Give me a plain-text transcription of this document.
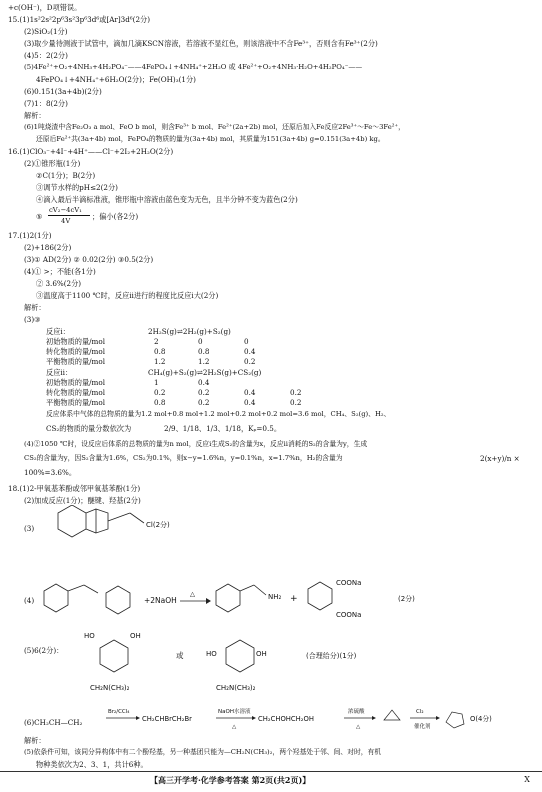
+c(OH⁻)，D项错误。
15.(1)1s²2s²2p⁶3s²3p⁶3d⁶或[Ar]3d⁶(2分)
(2)SiO₂(1分)
(3)取少量待测液于试管中，滴加几滴KSCN溶液，若溶液不显红色，则该溶液中不含Fe³⁺，否则含有Fe³⁺(2分)
(4)5：2(2分)
(5)4Fe²⁺+O₂+4NH₃+4H₂PO₄⁻——4FePO₄↓+4NH₄⁺+2H₂O 或 4Fe²⁺+O₂+4NH₃·H₂O+4H₂PO₄⁻——
4FePO₄↓+4NH₄⁺+6H₂O(2分)；Fe(OH)₃(1分)
(6)0.151(3a+4b)(2分)
(7)1：8(2分)
解析：
(6)1吨烧渣中含Fe₂O₃ a mol、FeO b mol，则含Fe³⁺ b mol、Fe²⁺(2a+2b) mol，还原后加入Fe反应2Fe³⁺～Fe～3Fe²⁺，
还原后Fe²⁺共(3a+4b) mol，FePO₄的物质的量为(3a+4b) mol，其质量为151(3a+4b) g=0.151(3a+4b) kg。
16.(1)ClO₃⁻+4I⁻+4H⁺——Cl⁻+2I₂+2H₂O(2分)
(2)①锥形瓶(1分)
②C(1分)；B(2分)
③调节水样的pH≤2(2分)
④滴入最后半滴标准液，锥形瓶中溶液由蓝色变为无色，且半分钟不变为蓝色(2分)
⑤
cV₂−4cV₁
4V	；偏小(各2分)
17.(1)2(1分)
(2)+186(2分)
(3)① AD(2分) ② 0.02(2分) ③0.5(2分)
(4)① >；不能(各1分)
② 3.6%(2分)
③温度高于1100 ℃时，反应ⅱ进行的程度比反应ⅰ大(2分)
解析：
(3)③
反应ⅰ：	2H₂S(g)⇌2H₂(g)+S₂(g)
初始物质的量/mol	2	0	0
转化物质的量/mol	0.8	0.8	0.4
平衡物质的量/mol	1.2	1.2	0.2
反应ⅱ：	CH₄(g)+S₂(g)⇌2H₂S(g)+CS₂(g)
初始物质的量/mol	1	0.4
转化物质的量/mol	0.2	0.2	0.4	0.2
平衡物质的量/mol	0.8	0.2	0.4	0.2
反应体系中气体的总物质的量为1.2 mol+0.8 mol+1.2 mol+0.2 mol+0.2 mol=3.6 mol，CH₄、S₂(g)、H₂、
CS₂的物质的量分数依次为	2/9、1/18、1/3、1/18，Kₚ=0.5。
(4)②1050 ℃时，设反应后体系的总物质的量为n mol，反应ⅰ生成S₂的含量为x，反应ⅱ消耗的S₂的含量为y，生成
CS₂的含量为y，因S₂含量为1.6%，CS₂为0.1%，则x−y=1.6%n，y=0.1%n，x=1.7%n，H₂的含量为	2(x+y)/n ×
100%=3.6%。
18.(1)2-甲氧基苯酚或邻甲氧基苯酚(1分)
(2)加成反应(1分)；醚键、羟基(2分)
(3)
(4)
(5)6(2分)：
(6)CH₂CH—CH₂
解析：
(5)依条件可知，该同分异构体中有二个酚羟基，另一种基团只能为—CH₂N(CH₃)₂，两个羟基处于邻、间、对时，有机
物种类依次为2、3、1，共计6种。
Cl(2分)
+2NaOH
△	NH₂ +
COONa
COONa
(2分)
HO	OH
CH₂N(CH₃)₂
或	HO	OH
CH₂N(CH₃)₂
(合理给分)(1分)
Br₂/CCl₄
CH₂CHBrCH₂Br
NaOH水溶液
△
CH₂CHOHCH₂OH
浓硫酸
△
Cl₂
催化剂
O(4分)
【高三开学考·化学参考答案 第2页(共2页)】	X
